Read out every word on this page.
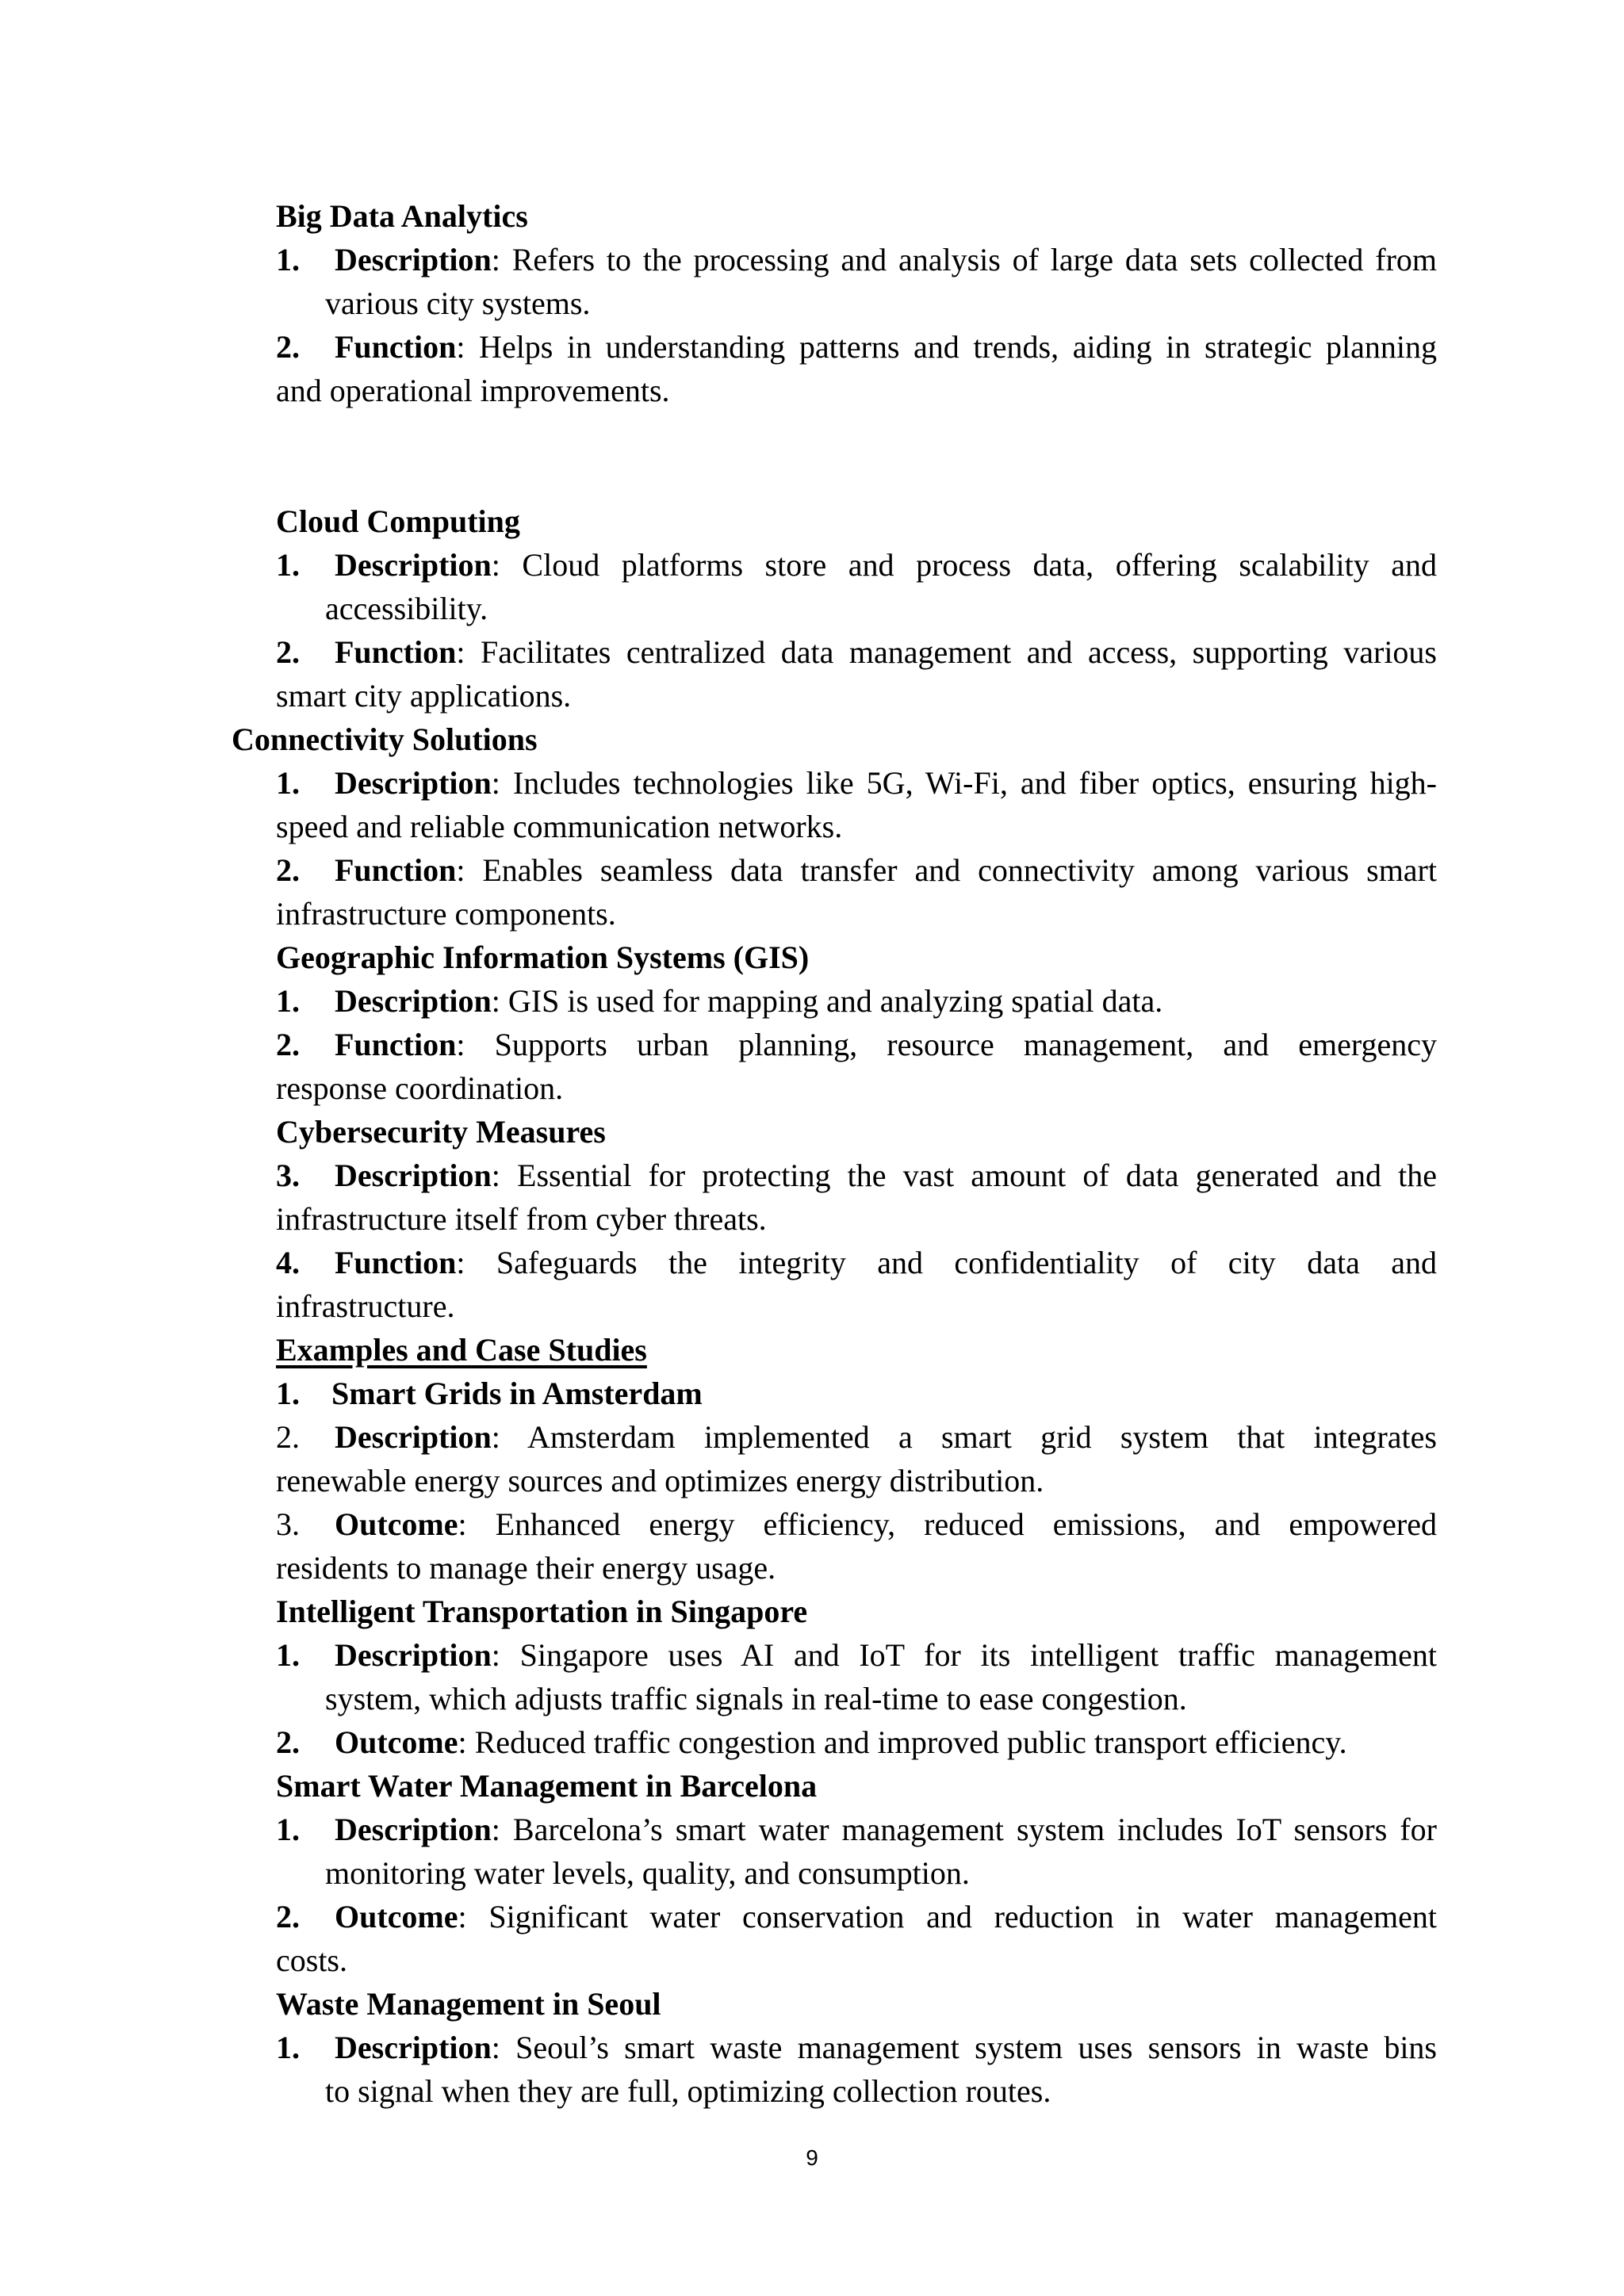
Big Data Analytics
1. Description: Refers to the processing and analysis of large data sets collected from
various city systems.
2. Function: Helps in understanding patterns and trends, aiding in strategic planning
and operational improvements.
Cloud Computing
1. Description: Cloud platforms store and process data, offering scalability and
accessibility.
2. Function: Facilitates centralized data management and access, supporting various
smart city applications.
Connectivity Solutions
1. Description: Includes technologies like 5G, Wi-Fi, and fiber optics, ensuring high-
speed and reliable communication networks.
2. Function: Enables seamless data transfer and connectivity among various smart
infrastructure components.
Geographic Information Systems (GIS)
1. Description: GIS is used for mapping and analyzing spatial data.
2. Function: Supports urban planning, resource management, and emergency
response coordination.
Cybersecurity Measures
3. Description: Essential for protecting the vast amount of data generated and the
infrastructure itself from cyber threats.
4. Function: Safeguards the integrity and confidentiality of city data and
infrastructure.
Examples and Case Studies
1.    Smart Grids in Amsterdam
2. Description: Amsterdam implemented a smart grid system that integrates
renewable energy sources and optimizes energy distribution.
3. Outcome: Enhanced energy efficiency, reduced emissions, and empowered
residents to manage their energy usage.
Intelligent Transportation in Singapore
1. Description: Singapore uses AI and IoT for its intelligent traffic management
system, which adjusts traffic signals in real-time to ease congestion.
2. Outcome: Reduced traffic congestion and improved public transport efficiency.
Smart Water Management in Barcelona
1. Description: Barcelona’s smart water management system includes IoT sensors for
monitoring water levels, quality, and consumption.
2. Outcome: Significant water conservation and reduction in water management
costs.
Waste Management in Seoul
1. Description: Seoul’s smart waste management system uses sensors in waste bins
to signal when they are full, optimizing collection routes.
9
